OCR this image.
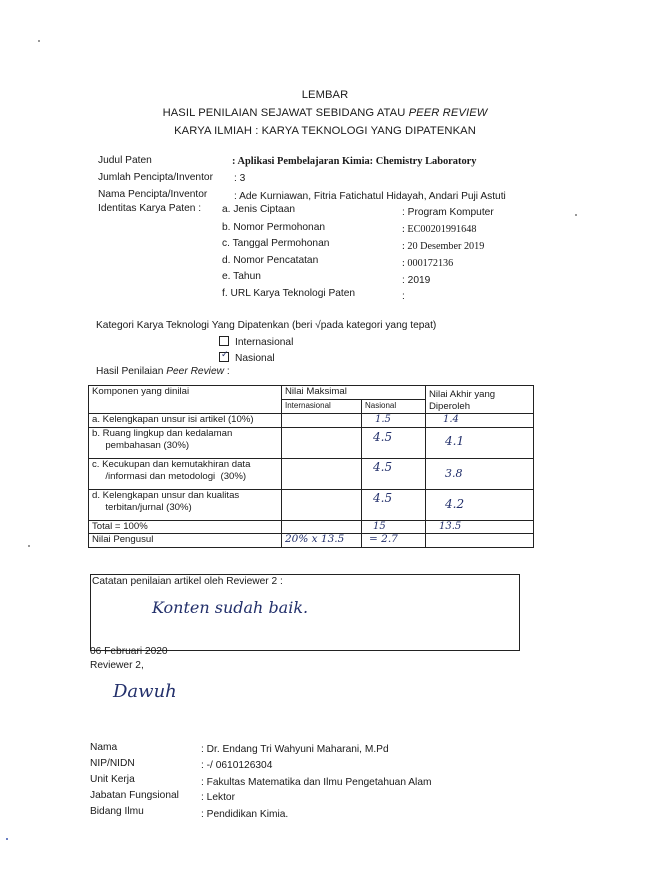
LEMBAR
HASIL PENILAIAN SEJAWAT SEBIDANG ATAU PEER REVIEW
KARYA ILMIAH : KARYA TEKNOLOGI YANG DIPATENKAN
Judul Paten	: Aplikasi Pembelajaran Kimia: Chemistry Laboratory
Jumlah Pencipta/Inventor : 3
Nama Pencipta/Inventor	: Ade Kurniawan, Fitria Fatichatul Hidayah, Andari Puji Astuti
Identitas Karya Paten : a. Jenis Ciptaan	: Program Komputer
b. Nomor Permohonan	: EC00201991648
c. Tanggal Permohonan	: 20 Desember 2019
d. Nomor Pencatatan	: 000172136
e. Tahun	: 2019
f. URL Karya Teknologi Paten	:
Kategori Karya Teknologi Yang Dipatenkan (beri √pada kategori yang tepat)
Internasional
✓ Nasional
Hasil Penilaian Peer Review :
Komponen yang dinilai	Nilai Maksimal		Nilai Akhir yang
Diperoleh
	Internasional	Nasional	
a. Kelengkapan unsur isi artikel (10%)		1.5	1.4
b. Ruang lingkup dan kedalaman
pembahasan (30%)		4.5	4.1
c. Kecukupan dan kemutakhiran data
/informasi dan metodologi  (30%)		4.5	3.8
d. Kelengkapan unsur dan kualitas
terbitan/jurnal (30%)		4.5	4.2
Total = 100%		15	13.5
Nilai Pengusul	20% x 13.5	= 2.7	
Catatan penilaian artikel oleh Reviewer 2 :
Konten sudah baik.
06 Februari 2020
Reviewer 2,
Dawuh
Nama	: Dr. Endang Tri Wahyuni Maharani, M.Pd
NIP/NIDN	: -/ 0610126304
Unit Kerja	: Fakultas Matematika dan Ilmu Pengetahuan Alam
Jabatan Fungsional : Lektor
Bidang Ilmu	: Pendidikan Kimia.
